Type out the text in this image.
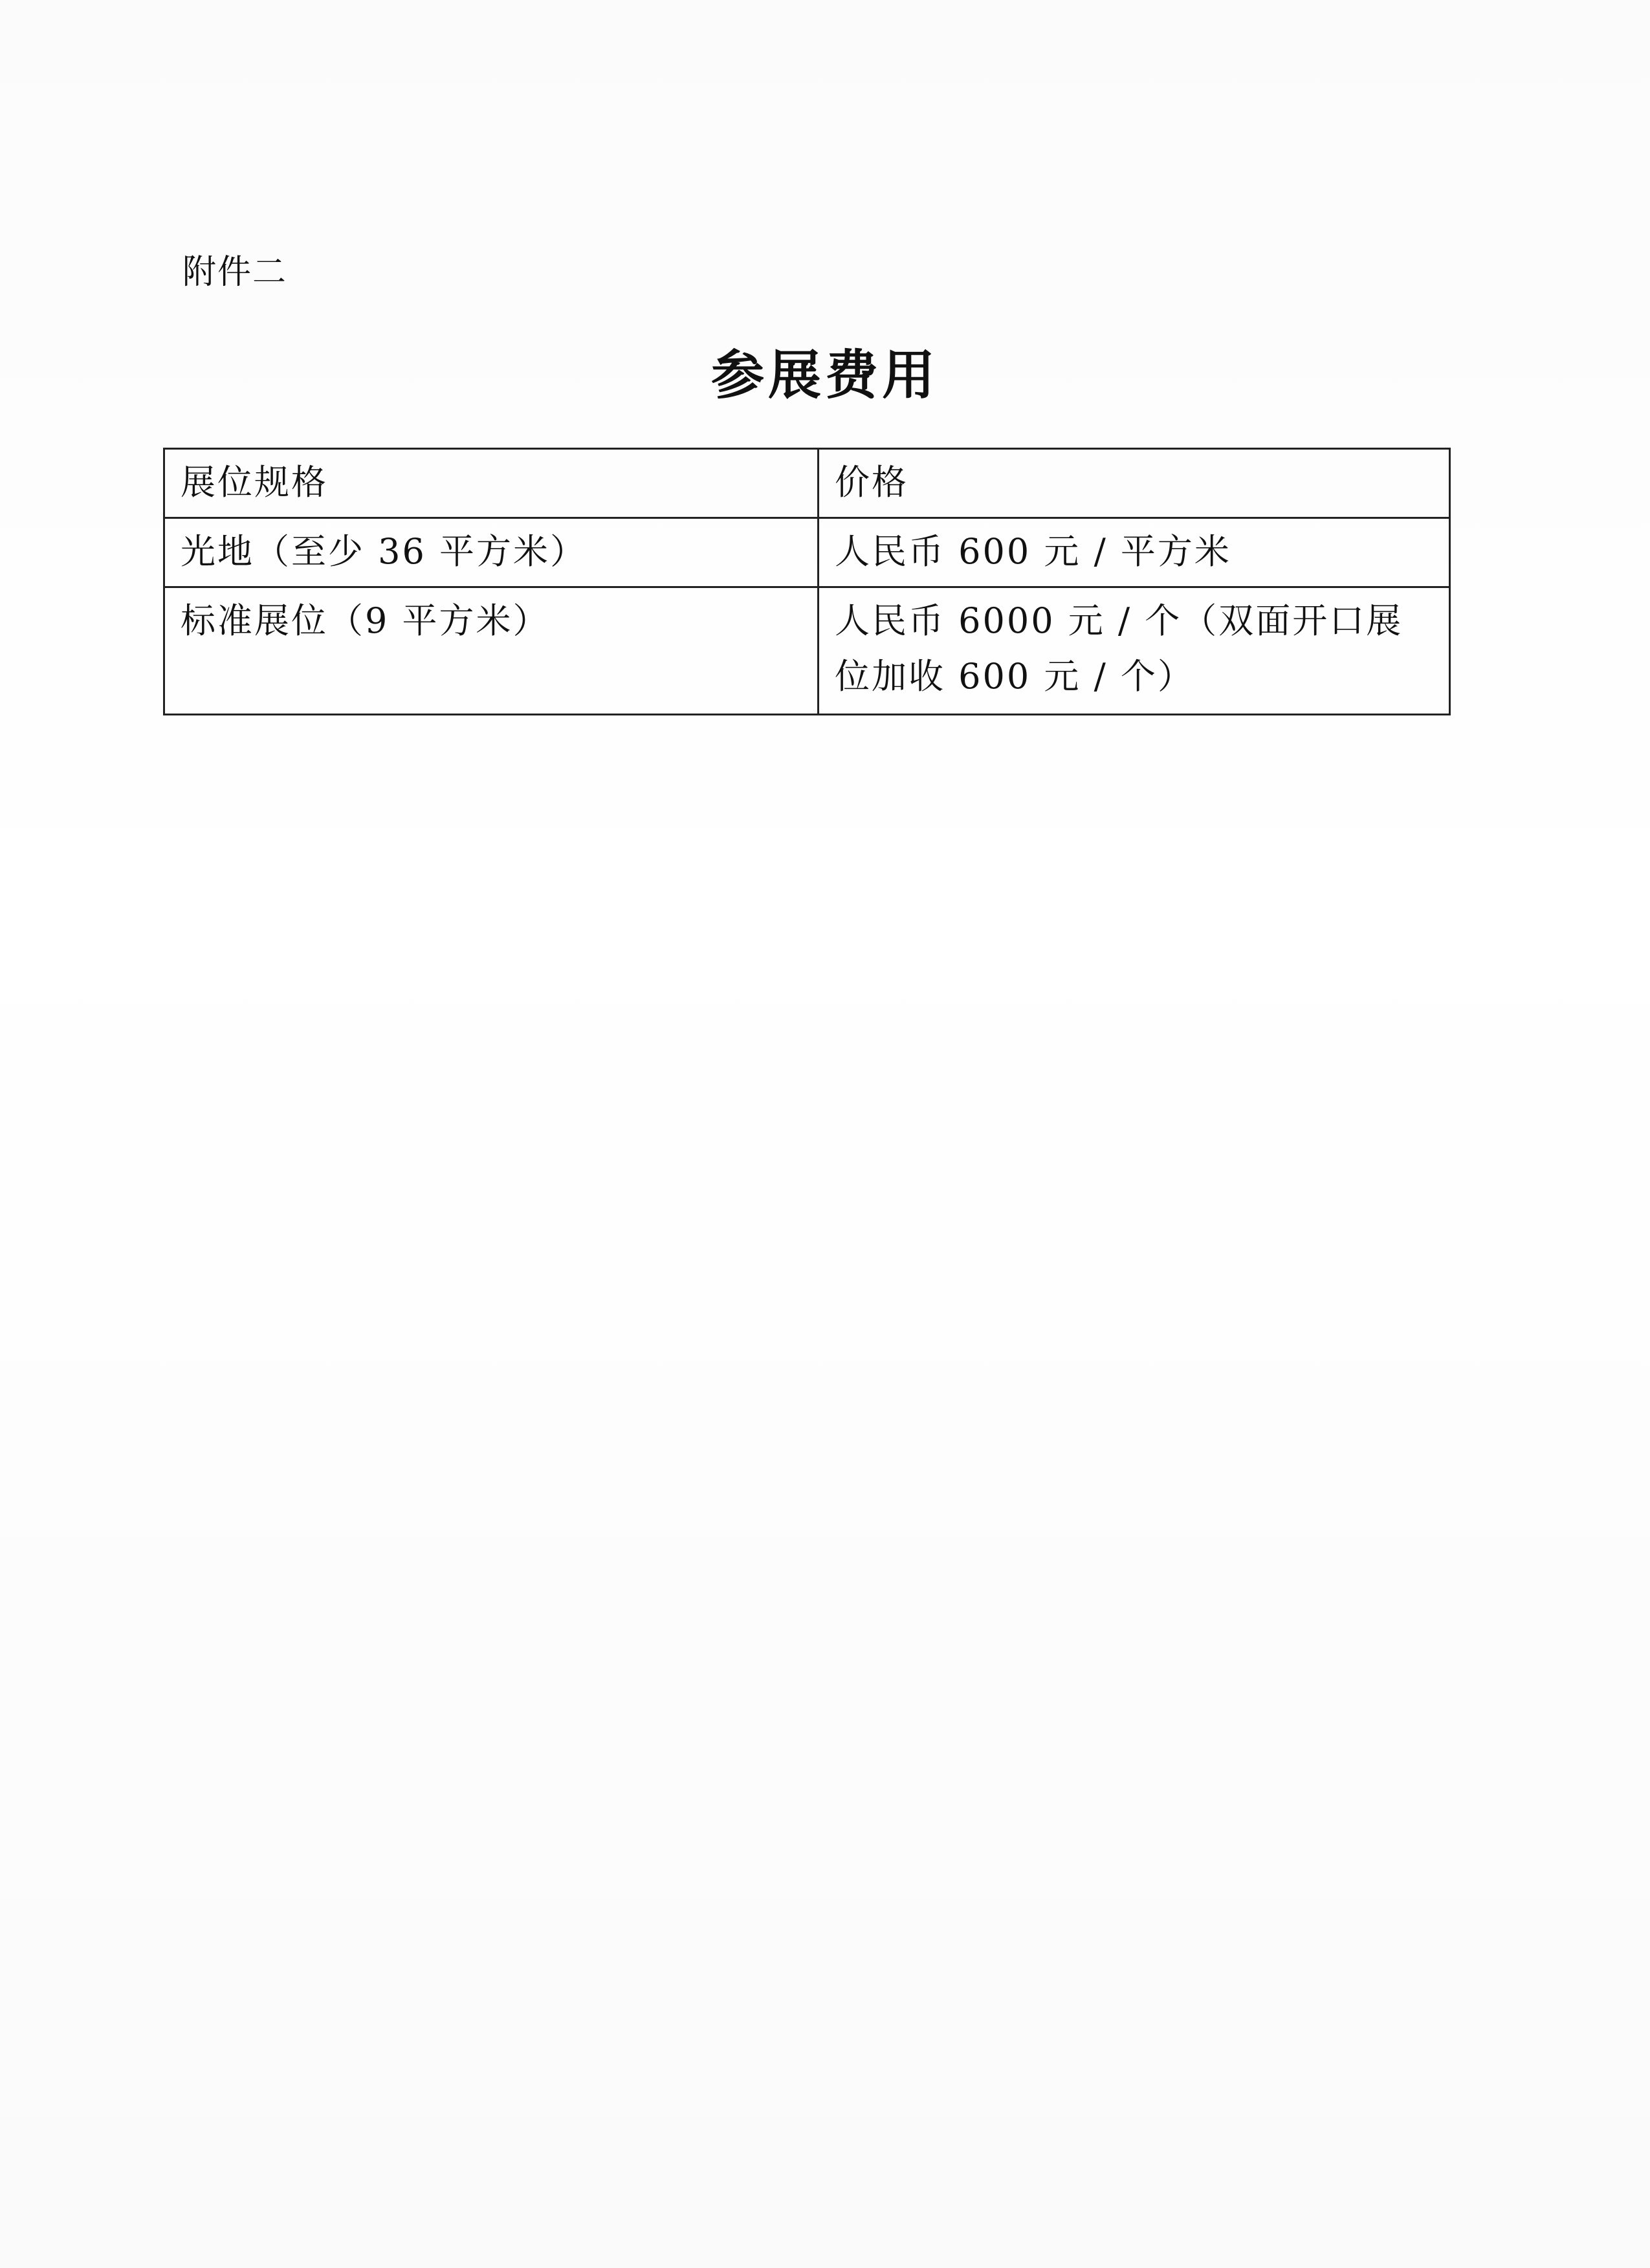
附件二
参展费用
展位规格	价格
光地（至少 36 平方米）	人民币 600 元 / 平方米
标准展位（9 平方米）	人民币 6000 元 / 个（双面开口展位加收 600 元 / 个）
